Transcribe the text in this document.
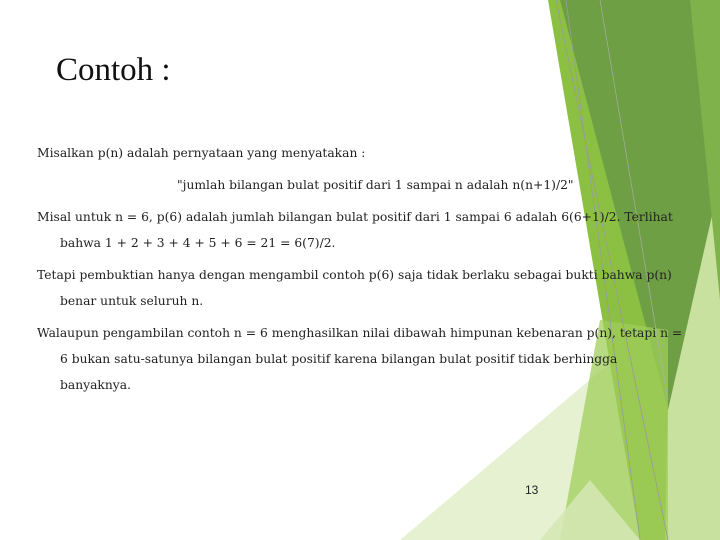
Contoh :

Misalkan p(n) adalah pernyataan yang menyatakan :

"jumlah bilangan bulat positif dari 1 sampai n adalah n(n+1)/2"

Misal untuk n = 6, p(6) adalah jumlah bilangan bulat positif dari 1 sampai 6 adalah 6(6+1)/2. Terlihat bahwa 1 + 2 + 3 + 4 + 5 + 6 = 21 = 6(7)/2.

Tetapi pembuktian hanya dengan mengambil contoh p(6) saja tidak berlaku sebagai bukti bahwa p(n) benar untuk seluruh n.

Walaupun pengambilan contoh n = 6 menghasilkan nilai dibawah himpunan kebenaran p(n), tetapi n = 6 bukan satu-satunya bilangan bulat positif karena bilangan bulat positif tidak berhingga banyaknya.

13
